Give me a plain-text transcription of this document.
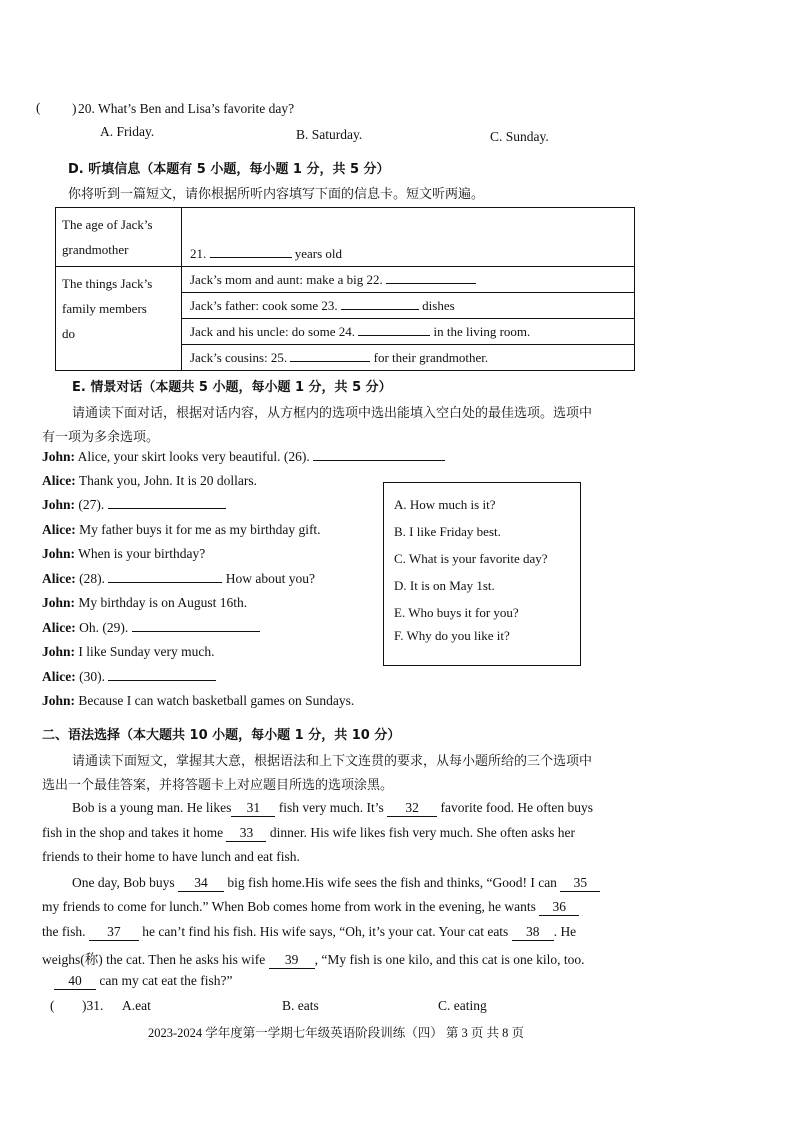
( ) 20. What’s Ben and Lisa’s favorite day?
A. Friday.	B. Saturday.	C. Sunday.
D. 听填信息（本题有 5 小题，每小题 1 分，共 5 分）
你将听到一篇短文，请你根据所听内容填写下面的信息卡。短文听两遍。
The age of Jack’s
grandmother	21. years old

The things Jack’s
family members
do	Jack’s mom and aunt: make a big 22.
	Jack’s father: cook some 23. dishes
	Jack and his uncle: do some 24. in the living room.
	Jack’s cousins: 25. for their grandmother.
E. 情景对话（本题共 5 小题，每小题 1 分，共 5 分）
请通读下面对话，根据对话内容，从方框内的选项中选出能填入空白处的最佳选项。选项中
有一项为多余选项。
John: Alice, your skirt looks very beautiful. (26).
Alice: Thank you, John. It is 20 dollars.
John: (27).
Alice: My father buys it for me as my birthday gift.
John: When is your birthday?
Alice: (28).	How about you?
John: My birthday is on August 16th.
Alice: Oh. (29).
John: I like Sunday very much.
Alice: (30).
John: Because I can watch basketball games on Sundays.
A. How much is it?
B. I like Friday best.
C. What is your favorite day?
D. It is on May 1st.
E. Who buys it for you?
F. Why do you like it?
二、语法选择（本大题共 10 小题，每小题 1 分，共 10 分）
请通读下面短文，掌握其大意，根据语法和上下文连贯的要求，从每小题所给的三个选项中
选出一个最佳答案，并将答题卡上对应题目所选的选项涂黑。
Bob is a young man. He likes 31 fish very much. It’s 32 favorite food. He often buys
fish in the shop and takes it home 33 dinner. His wife likes fish very much. She often asks her
friends to their home to have lunch and eat fish.
One day, Bob buys 34 big fish home.His wife sees the fish and thinks, “Good! I can 35
my friends to come for lunch.” When Bob comes home from work in the evening, he wants 36
the fish. 37 he can’t find his fish. His wife says, “Oh, it’s your cat. Your cat eats 38 . He
weighs(称) the cat. Then he asks his wife 39 , “My fish is one kilo, and this cat is one kilo, too.
40 can my cat eat the fish?”
( )31. A.eat	B. eats	C. eating
2023-2024 学年度第一学期七年级英语阶段训练（四） 第 3 页 共 8 页
